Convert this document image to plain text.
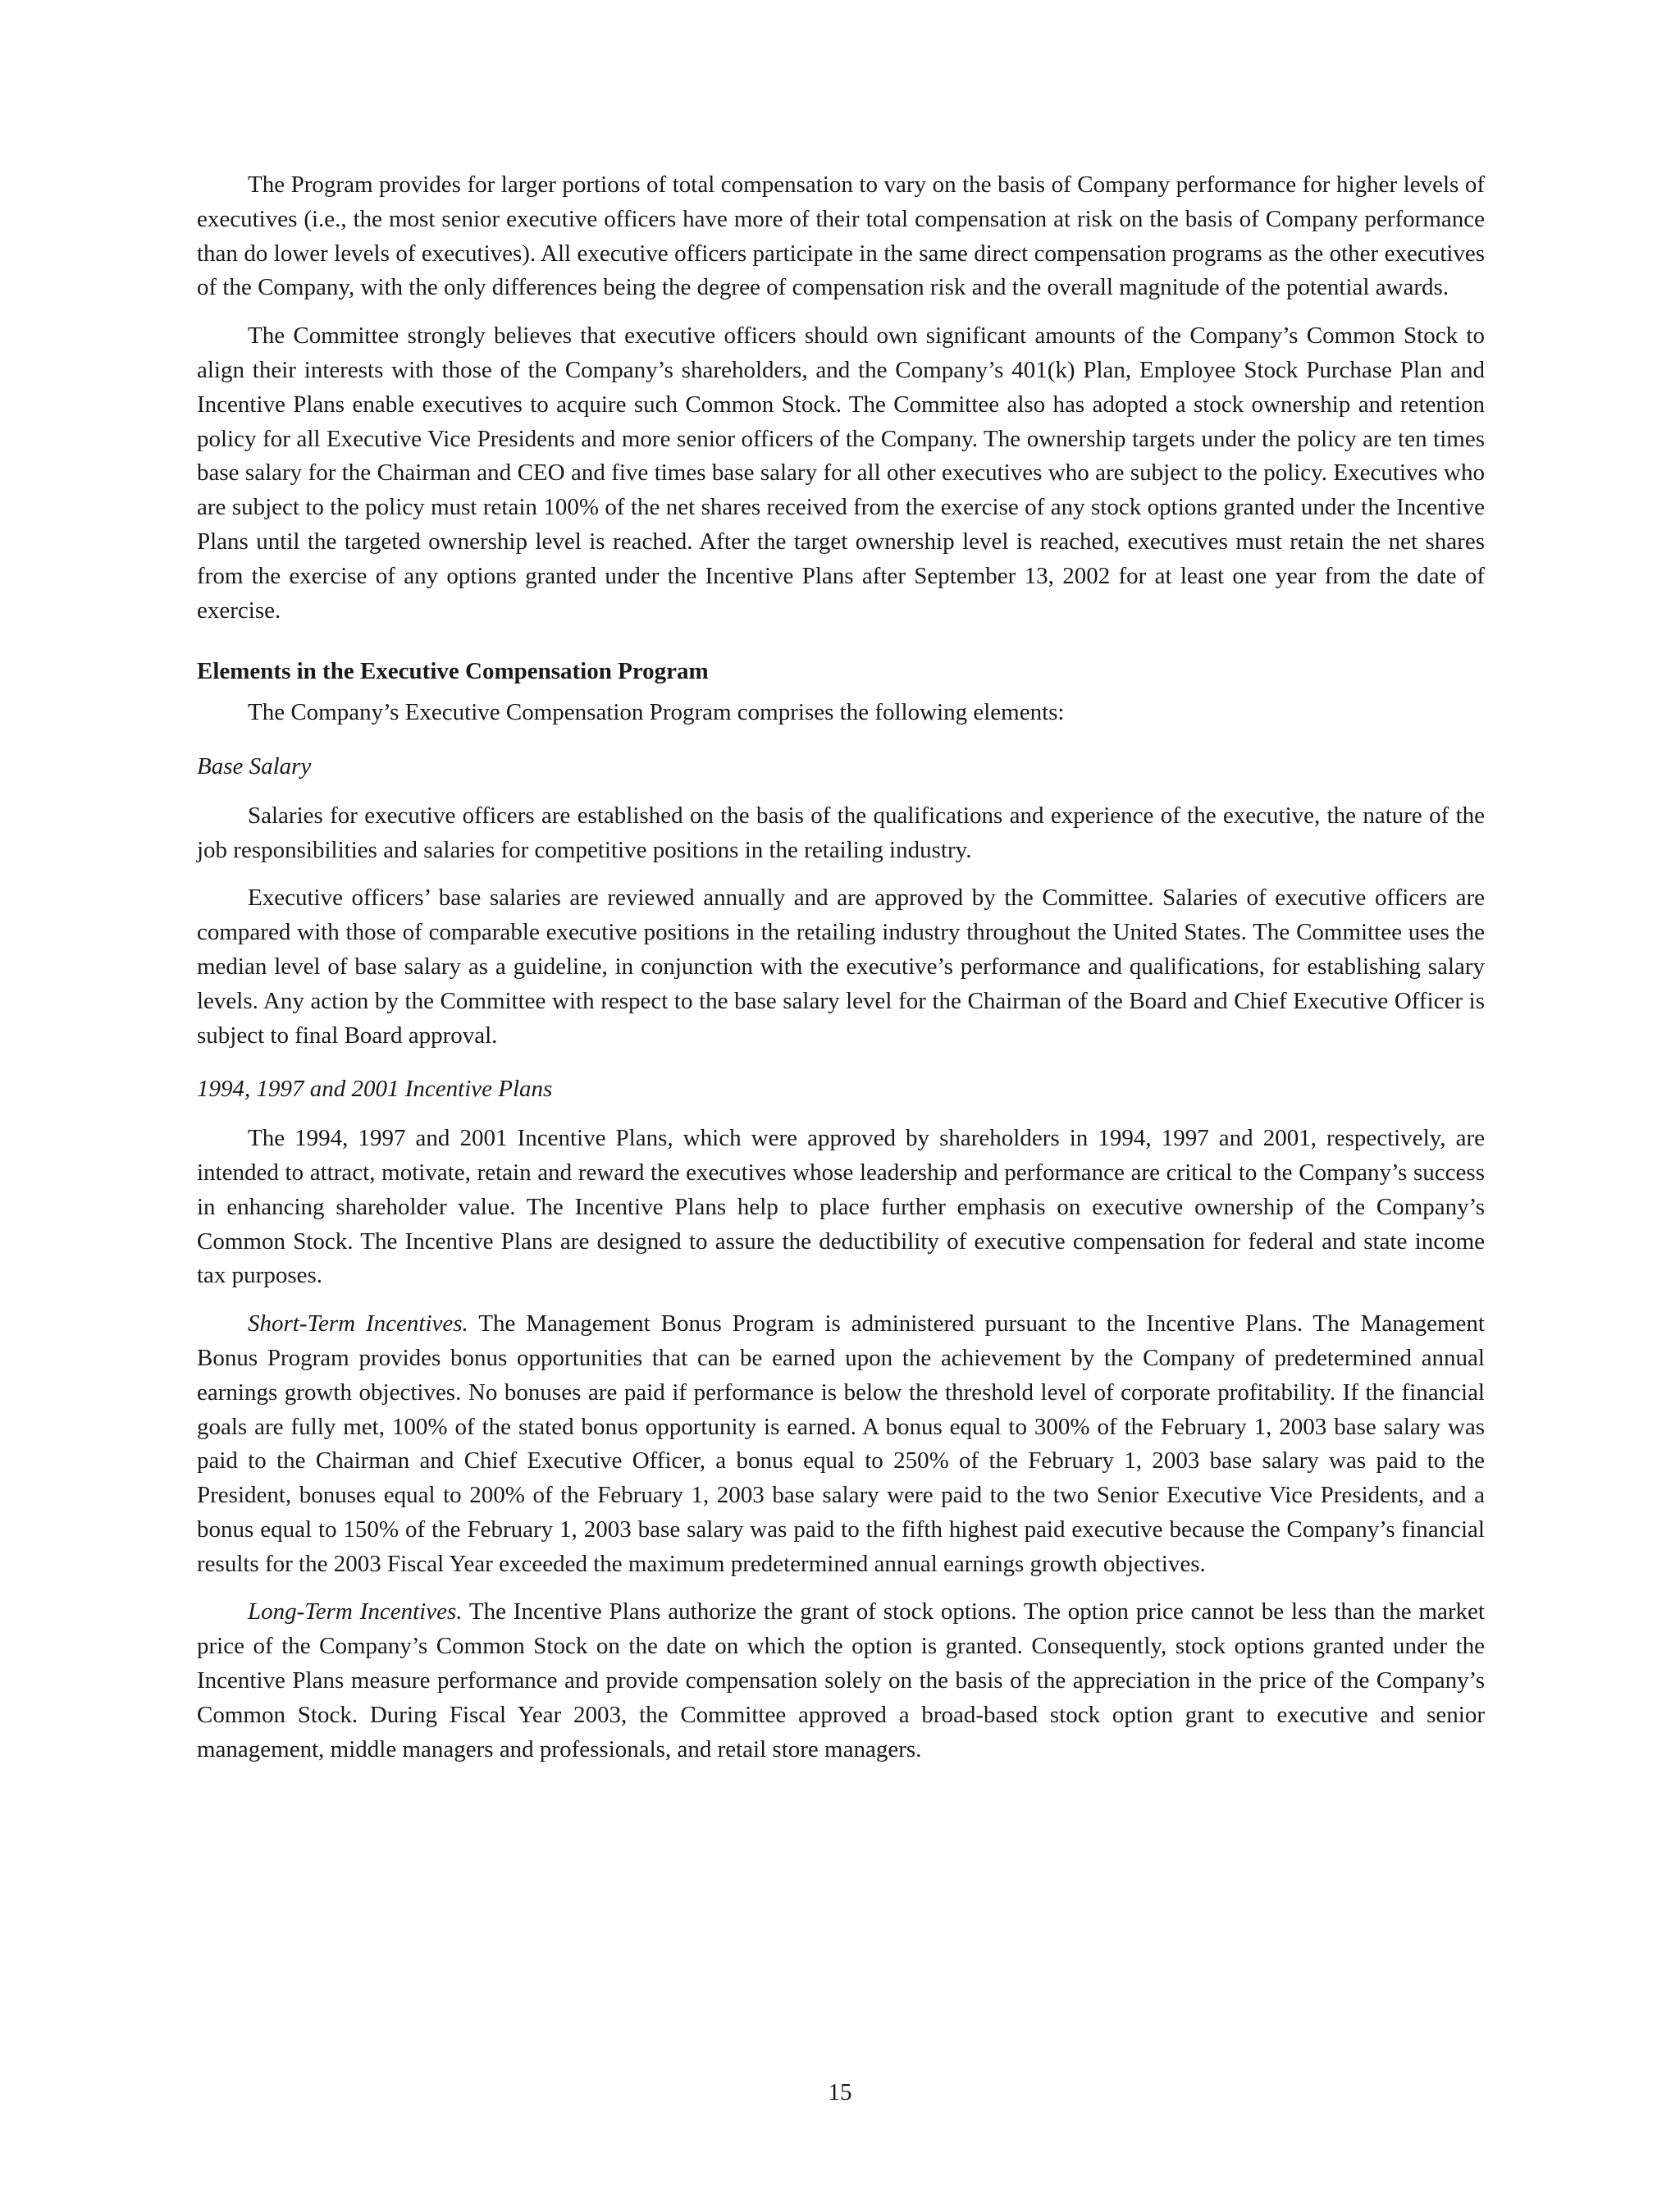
The Program provides for larger portions of total compensation to vary on the basis of Company performance for higher levels of executives (i.e., the most senior executive officers have more of their total compensation at risk on the basis of Company performance than do lower levels of executives). All executive officers participate in the same direct compensation programs as the other executives of the Company, with the only differences being the degree of compensation risk and the overall magnitude of the potential awards.

The Committee strongly believes that executive officers should own significant amounts of the Company’s Common Stock to align their interests with those of the Company’s shareholders, and the Company’s 401(k) Plan, Employee Stock Purchase Plan and Incentive Plans enable executives to acquire such Common Stock. The Committee also has adopted a stock ownership and retention policy for all Executive Vice Presidents and more senior officers of the Company. The ownership targets under the policy are ten times base salary for the Chairman and CEO and five times base salary for all other executives who are subject to the policy. Executives who are subject to the policy must retain 100% of the net shares received from the exercise of any stock options granted under the Incentive Plans until the targeted ownership level is reached. After the target ownership level is reached, executives must retain the net shares from the exercise of any options granted under the Incentive Plans after September 13, 2002 for at least one year from the date of exercise.

Elements in the Executive Compensation Program

The Company’s Executive Compensation Program comprises the following elements:

Base Salary

Salaries for executive officers are established on the basis of the qualifications and experience of the executive, the nature of the job responsibilities and salaries for competitive positions in the retailing industry.

Executive officers’ base salaries are reviewed annually and are approved by the Committee. Salaries of executive officers are compared with those of comparable executive positions in the retailing industry throughout the United States. The Committee uses the median level of base salary as a guideline, in conjunction with the executive’s performance and qualifications, for establishing salary levels. Any action by the Committee with respect to the base salary level for the Chairman of the Board and Chief Executive Officer is subject to final Board approval.

1994, 1997 and 2001 Incentive Plans

The 1994, 1997 and 2001 Incentive Plans, which were approved by shareholders in 1994, 1997 and 2001, respectively, are intended to attract, motivate, retain and reward the executives whose leadership and performance are critical to the Company’s success in enhancing shareholder value. The Incentive Plans help to place further emphasis on executive ownership of the Company’s Common Stock. The Incentive Plans are designed to assure the deductibility of executive compensation for federal and state income tax purposes.

Short-Term Incentives. The Management Bonus Program is administered pursuant to the Incentive Plans. The Management Bonus Program provides bonus opportunities that can be earned upon the achievement by the Company of predetermined annual earnings growth objectives. No bonuses are paid if performance is below the threshold level of corporate profitability. If the financial goals are fully met, 100% of the stated bonus opportunity is earned. A bonus equal to 300% of the February 1, 2003 base salary was paid to the Chairman and Chief Executive Officer, a bonus equal to 250% of the February 1, 2003 base salary was paid to the President, bonuses equal to 200% of the February 1, 2003 base salary were paid to the two Senior Executive Vice Presidents, and a bonus equal to 150% of the February 1, 2003 base salary was paid to the fifth highest paid executive because the Company’s financial results for the 2003 Fiscal Year exceeded the maximum predetermined annual earnings growth objectives.

Long-Term Incentives. The Incentive Plans authorize the grant of stock options. The option price cannot be less than the market price of the Company’s Common Stock on the date on which the option is granted. Consequently, stock options granted under the Incentive Plans measure performance and provide compensation solely on the basis of the appreciation in the price of the Company’s Common Stock. During Fiscal Year 2003, the Committee approved a broad-based stock option grant to executive and senior management, middle managers and professionals, and retail store managers.

15
